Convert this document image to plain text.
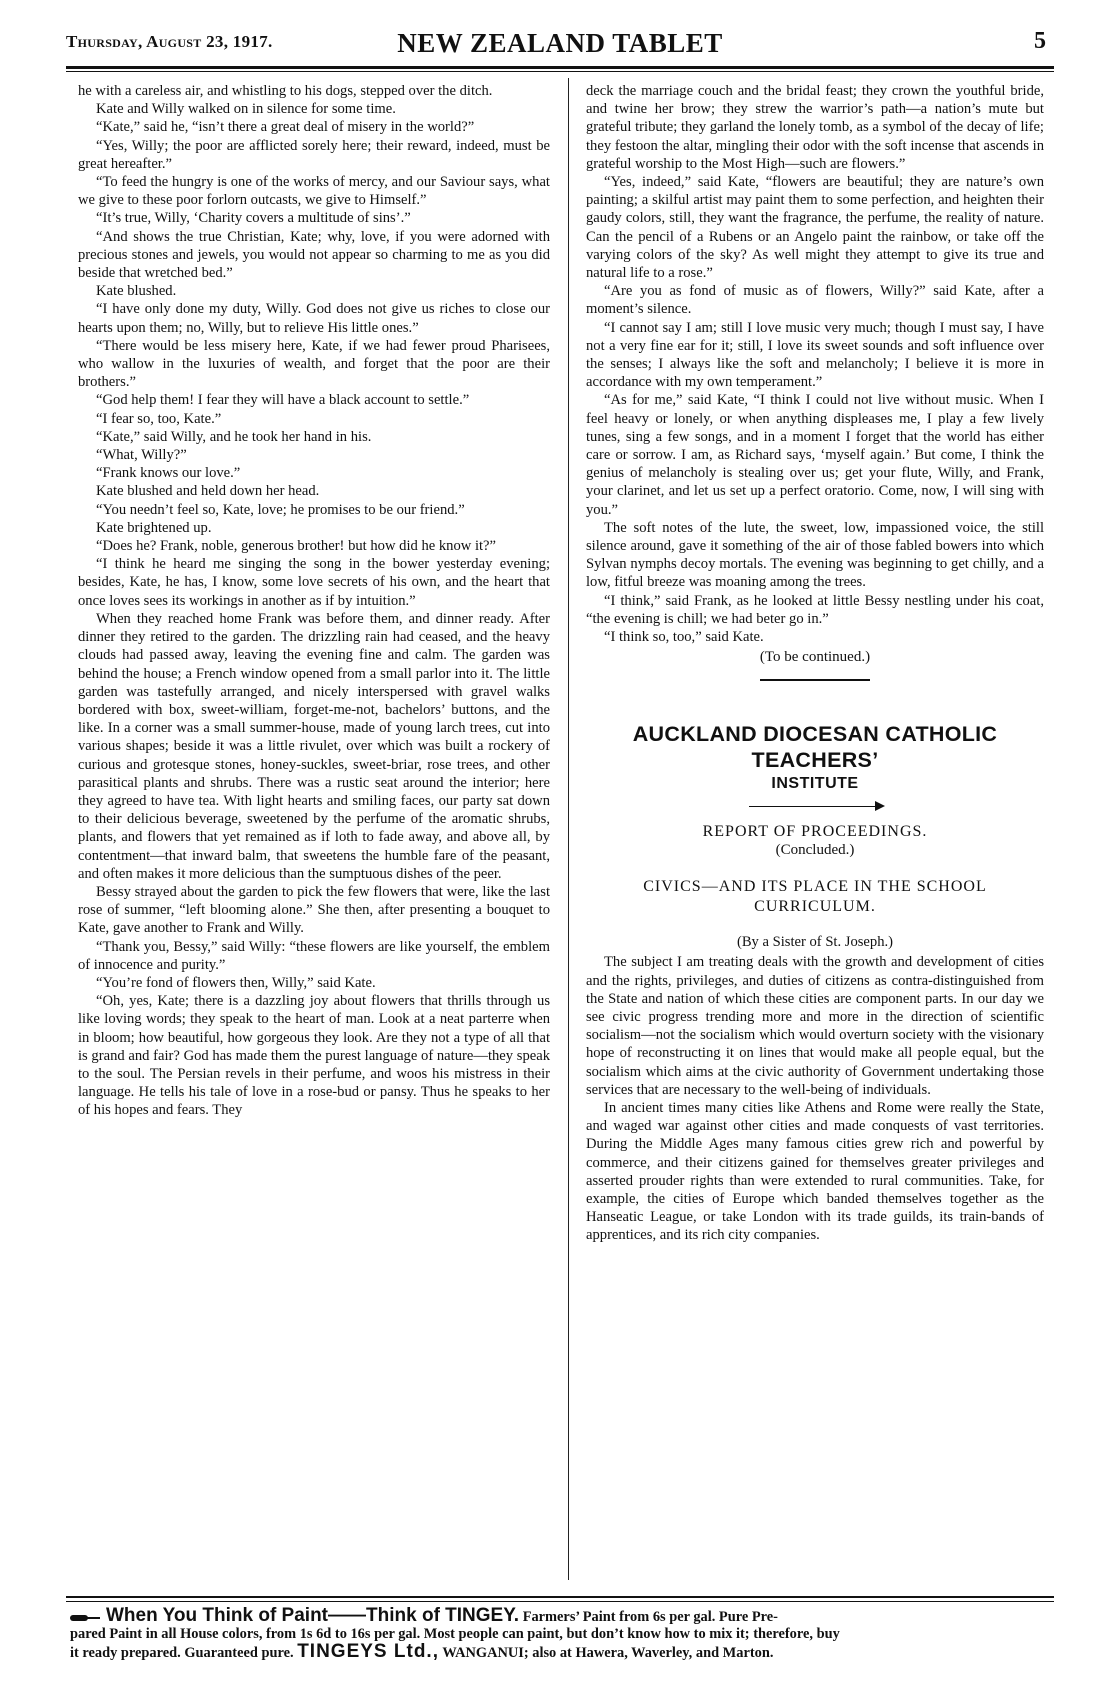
Thursday, August 23, 1917.	NEW ZEALAND TABLET	5

he with a careless air, and whistling to his dogs, stepped over the ditch.

Kate and Willy walked on in silence for some time.

“Kate,” said he, “isn’t there a great deal of misery in the world?”

“Yes, Willy; the poor are afflicted sorely here; their reward, indeed, must be great hereafter.”

“To feed the hungry is one of the works of mercy, and our Saviour says, what we give to these poor forlorn outcasts, we give to Himself.”

“It’s true, Willy, ‘Charity covers a multitude of sins’.”

“And shows the true Christian, Kate; why, love, if you were adorned with precious stones and jewels, you would not appear so charming to me as you did beside that wretched bed.”

Kate blushed.

“I have only done my duty, Willy. God does not give us riches to close our hearts upon them; no, Willy, but to relieve His little ones.”

“There would be less misery here, Kate, if we had fewer proud Pharisees, who wallow in the luxuries of wealth, and forget that the poor are their brothers.”

“God help them! I fear they will have a black account to settle.”

“I fear so, too, Kate.”

“Kate,” said Willy, and he took her hand in his.

“What, Willy?”

“Frank knows our love.”

Kate blushed and held down her head.

“You needn’t feel so, Kate, love; he promises to be our friend.”

Kate brightened up.

“Does he? Frank, noble, generous brother! but how did he know it?”

“I think he heard me singing the song in the bower yesterday evening; besides, Kate, he has, I know, some love secrets of his own, and the heart that once loves sees its workings in another as if by intuition.”

When they reached home Frank was before them, and dinner ready. After dinner they retired to the garden. The drizzling rain had ceased, and the heavy clouds had passed away, leaving the evening fine and calm. The garden was behind the house; a French window opened from a small parlor into it. The little garden was tastefully arranged, and nicely interspersed with gravel walks bordered with box, sweet-william, forget-me-not, bachelors’ buttons, and the like. In a corner was a small summer-house, made of young larch trees, cut into various shapes; beside it was a little rivulet, over which was built a rockery of curious and grotesque stones, honey-suckles, sweet-briar, rose trees, and other parasitical plants and shrubs. There was a rustic seat around the interior; here they agreed to have tea. With light hearts and smiling faces, our party sat down to their delicious beverage, sweetened by the perfume of the aromatic shrubs, plants, and flowers that yet remained as if loth to fade away, and above all, by contentment—that inward balm, that sweetens the humble fare of the peasant, and often makes it more delicious than the sumptuous dishes of the peer.

Bessy strayed about the garden to pick the few flowers that were, like the last rose of summer, “left blooming alone.” She then, after presenting a bouquet to Kate, gave another to Frank and Willy.

“Thank you, Bessy,” said Willy: “these flowers are like yourself, the emblem of innocence and purity.”

“You’re fond of flowers then, Willy,” said Kate.

“Oh, yes, Kate; there is a dazzling joy about flowers that thrills through us like loving words; they speak to the heart of man. Look at a neat parterre when in bloom; how beautiful, how gorgeous they look. Are they not a type of all that is grand and fair? God has made them the purest language of nature—they speak to the soul. The Persian revels in their perfume, and woos his mistress in their language. He tells his tale of love in a rose-bud or pansy. Thus he speaks to her of his hopes and fears. They

deck the marriage couch and the bridal feast; they crown the youthful bride, and twine her brow; they strew the warrior’s path—a nation’s mute but grateful tribute; they garland the lonely tomb, as a symbol of the decay of life; they festoon the altar, mingling their odor with the soft incense that ascends in grateful worship to the Most High—such are flowers.”

“Yes, indeed,” said Kate, “flowers are beautiful; they are nature’s own painting; a skilful artist may paint them to some perfection, and heighten their gaudy colors, still, they want the fragrance, the perfume, the reality of nature. Can the pencil of a Rubens or an Angelo paint the rainbow, or take off the varying colors of the sky? As well might they attempt to give its true and natural life to a rose.”

“Are you as fond of music as of flowers, Willy?” said Kate, after a moment’s silence.

“I cannot say I am; still I love music very much; though I must say, I have not a very fine ear for it; still, I love its sweet sounds and soft influence over the senses; I always like the soft and melancholy; I believe it is more in accordance with my own temperament.”

“As for me,” said Kate, “I think I could not live without music. When I feel heavy or lonely, or when anything displeases me, I play a few lively tunes, sing a few songs, and in a moment I forget that the world has either care or sorrow. I am, as Richard says, ‘myself again.’ But come, I think the genius of melancholy is stealing over us; get your flute, Willy, and Frank, your clarinet, and let us set up a perfect oratorio. Come, now, I will sing with you.”

The soft notes of the lute, the sweet, low, impassioned voice, the still silence around, gave it something of the air of those fabled bowers into which Sylvan nymphs decoy mortals. The evening was beginning to get chilly, and a low, fitful breeze was moaning among the trees.

“I think,” said Frank, as he looked at little Bessy nestling under his coat, “the evening is chill; we had beter go in.”

“I think so, too,” said Kate.

(To be continued.)
AUCKLAND DIOCESAN CATHOLIC TEACHERS’
INSTITUTE
REPORT OF PROCEEDINGS.
(Concluded.)
CIVICS—AND ITS PLACE IN THE SCHOOL
CURRICULUM.
(By a Sister of St. Joseph.)

The subject I am treating deals with the growth and development of cities and the rights, privileges, and duties of citizens as contra-distinguished from the State and nation of which these cities are component parts. In our day we see civic progress trending more and more in the direction of scientific socialism—not the socialism which would overturn society with the visionary hope of reconstructing it on lines that would make all people equal, but the socialism which aims at the civic authority of Government undertaking those services that are necessary to the well-being of individuals.

In ancient times many cities like Athens and Rome were really the State, and waged war against other cities and made conquests of vast territories. During the Middle Ages many famous cities grew rich and powerful by commerce, and their citizens gained for themselves greater privileges and asserted prouder rights than were extended to rural communities. Take, for example, the cities of Europe which banded themselves together as the Hanseatic League, or take London with its trade guilds, its train-bands of apprentices, and its rich city companies.

When You Think of Paint——Think of TINGEY. Farmers’ Paint from 6s per gal. Pure Pre-
pared Paint in all House colors, from 1s 6d to 16s per gal. Most people can paint, but don’t know how to mix it; therefore, buy
it ready prepared. Guaranteed pure. TINGEYS Ltd., WANGANUI; also at Hawera, Waverley, and Marton.
